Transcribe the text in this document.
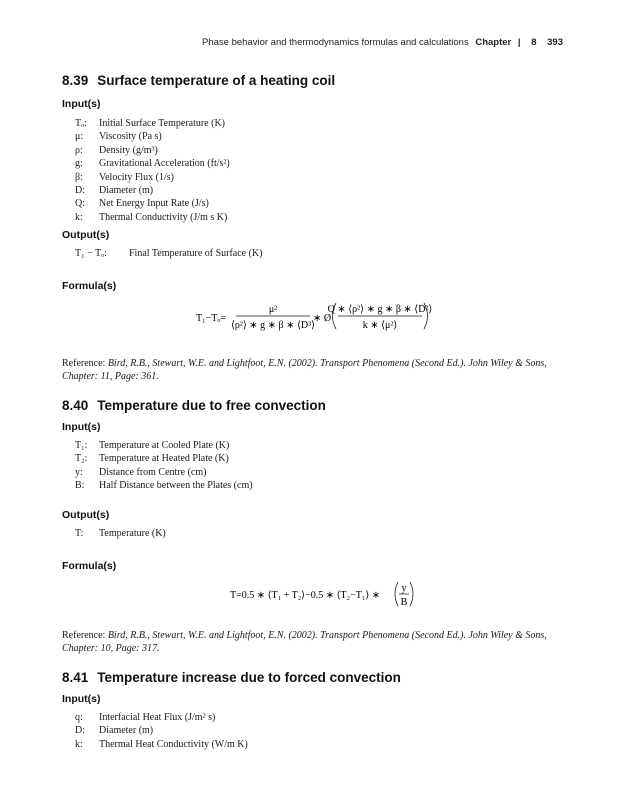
Phase behavior and thermodynamics formulas and calculations Chapter | 8 393
8.39 Surface temperature of a heating coil
Input(s)
Tₒ:	Initial Surface Temperature (K)
μ:	Viscosity (Pa s)
ρ:	Density (g/m³)
g:	Gravitational Acceleration (ft/s²)
β:	Velocity Flux (1/s)
D:	Diameter (m)
Q:	Net Energy Input Rate (J/s)
k:	Thermal Conductivity (J/m s K)
Output(s)
T₁ − Tₒ:	Final Temperature of Surface (K)
Formula(s)
T₁−Tₒ=
μ²
⟨ρ²⟩ ∗ g ∗ β ∗ ⟨D³⟩
∗ Ø
Q ∗ ⟨ρ²⟩ ∗ g ∗ β ∗ ⟨D²⟩
k ∗ ⟨μ²⟩
Reference: Bird, R.B., Stewart, W.E. and Lightfoot, E.N. (2002). Transport Phenomena (Second Ed.). John Wiley & Sons, Chapter: 11, Page: 361.
8.40 Temperature due to free convection
Input(s)
T₁:	Temperature at Cooled Plate (K)
T₂:	Temperature at Heated Plate (K)
y:	Distance from Centre (cm)
B:	Half Distance between the Plates (cm)
Output(s)
T:	Temperature (K)
Formula(s)
T=0.5 ∗ ⟨T₁ + T₂⟩−0.5 ∗ ⟨T₂−T₁⟩ ∗
y
B
Reference: Bird, R.B., Stewart, W.E. and Lightfoot, E.N. (2002). Transport Phenomena (Second Ed.). John Wiley & Sons, Chapter: 10, Page: 317.
8.41 Temperature increase due to forced convection
Input(s)
q:	Interfacial Heat Flux (J/m² s)
D:	Diameter (m)
k:	Thermal Heat Conductivity (W/m K)
